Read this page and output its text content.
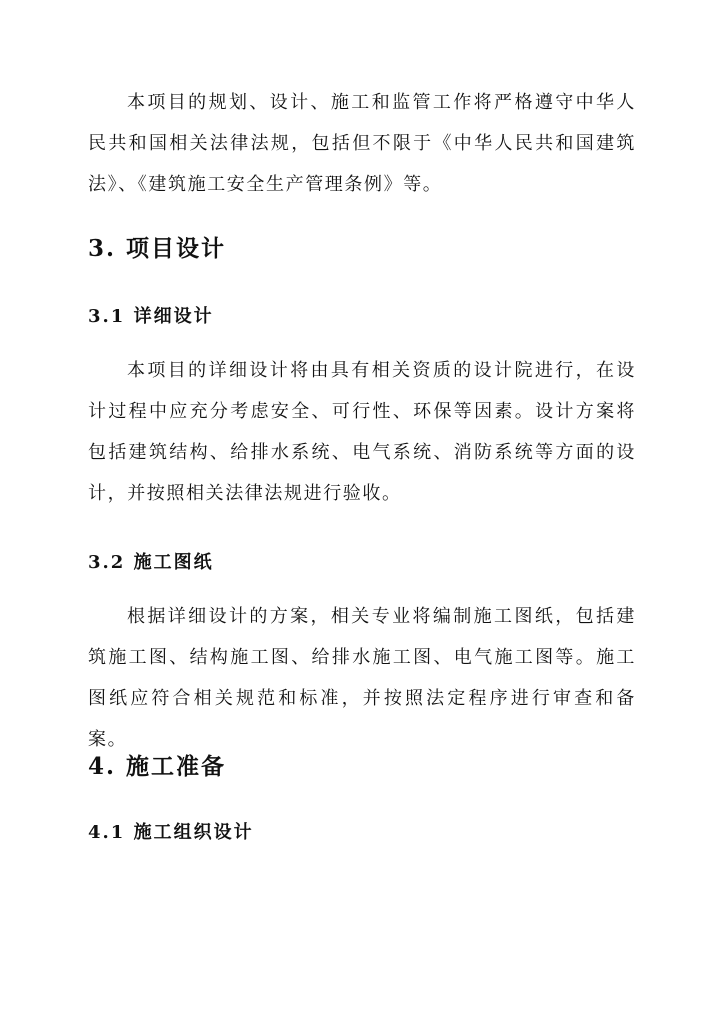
本项目的规划、设计、施工和监管工作将严格遵守中华人民共和国相关法律法规，包括但不限于《中华人民共和国建筑法》、《建筑施工安全生产管理条例》等。

3. 项目设计
3.1 详细设计

本项目的详细设计将由具有相关资质的设计院进行，在设计过程中应充分考虑安全、可行性、环保等因素。设计方案将包括建筑结构、给排水系统、电气系统、消防系统等方面的设计，并按照相关法律法规进行验收。

3.2 施工图纸

根据详细设计的方案，相关专业将编制施工图纸，包括建筑施工图、结构施工图、给排水施工图、电气施工图等。施工图纸应符合相关规范和标准，并按照法定程序进行审查和备案。

4. 施工准备
4.1 施工组织设计
